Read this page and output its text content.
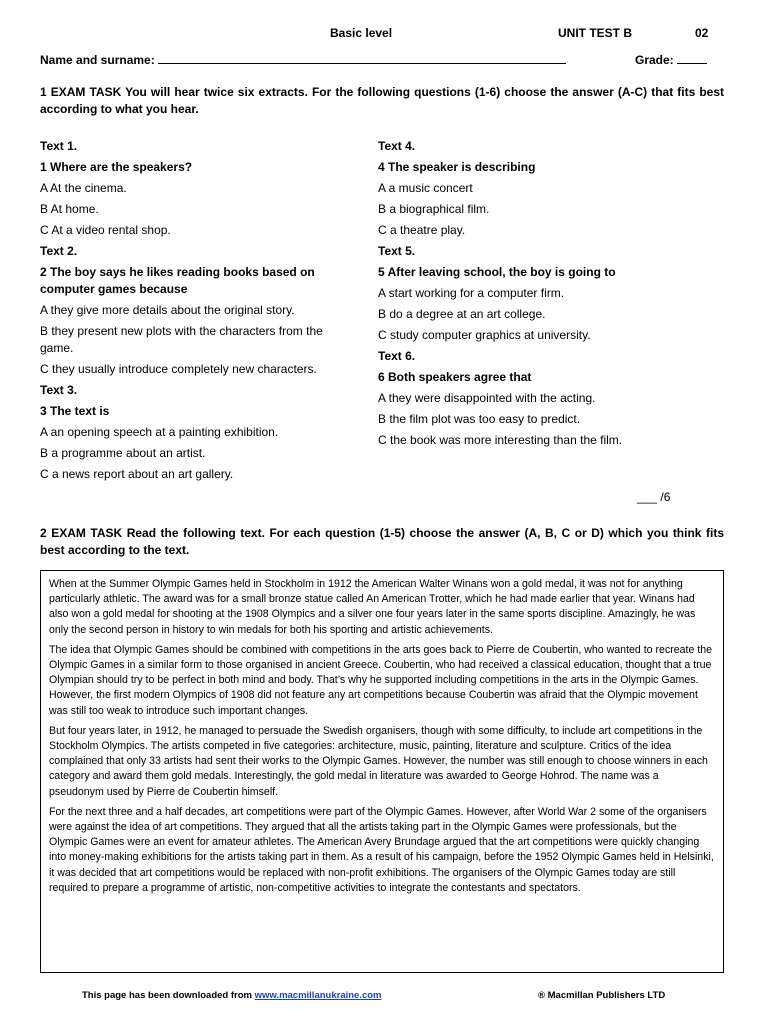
Basic level	UNIT TEST B	02
Name and surname:	Grade:
1 EXAM TASK You will hear twice six extracts. For the following questions (1-6) choose the answer (A-C) that fits best according to what you hear.
Text 1.
1 Where are the speakers?
A At the cinema.
B At home.
C At a video rental shop.
Text 2.
2 The boy says he likes reading books based on computer games because
A they give more details about the original story.
B they present new plots with the characters from the game.
C they usually introduce completely new characters.
Text 3.
3 The text is
A an opening speech at a painting exhibition.
B a programme about an artist.
C a news report about an art gallery.
Text 4.
4 The speaker is describing
A a music concert
B a biographical film.
C a theatre play.
Text 5.
5 After leaving school, the boy is going to
A start working for a computer firm.
B do a degree at an art college.
C study computer graphics at university.
Text 6.
6 Both speakers agree that
A they were disappointed with the acting.
B the film plot was too easy to predict.
C the book was more interesting than the film.
___ /6
2 EXAM TASK Read the following text. For each question (1-5) choose the answer (A, B, C or D) which you think fits best according to the text.

When at the Summer Olympic Games held in Stockholm in 1912 the American Walter Winans won a gold medal, it was not for anything particularly athletic. The award was for a small bronze statue called An American Trotter, which he had made earlier that year. Winans had also won a gold medal for shooting at the 1908 Olympics and a silver one four years later in the same sports discipline. Amazingly, he was only the second person in history to win medals for both his sporting and artistic achievements.

The idea that Olympic Games should be combined with competitions in the arts goes back to Pierre de Coubertin, who wanted to recreate the Olympic Games in a similar form to those organised in ancient Greece. Coubertin, who had received a classical education, thought that a true Olympian should try to be perfect in both mind and body. That’s why he supported including competitions in the arts in the Olympic Games. However, the first modern Olympics of 1908 did not feature any art competitions because Coubertin was afraid that the Olympic movement was still too weak to introduce such important changes.

But four years later, in 1912, he managed to persuade the Swedish organisers, though with some difficulty, to include art competitions in the Stockholm Olympics. The artists competed in five categories: architecture, music, painting, literature and sculpture. Critics of the idea complained that only 33 artists had sent their works to the Olympic Games. However, the number was still enough to choose winners in each category and award them gold medals. Interestingly, the gold medal in literature was awarded to George Hohrod. The name was a pseudonym used by Pierre de Coubertin himself.

For the next three and a half decades, art competitions were part of the Olympic Games. However, after World War 2 some of the organisers were against the idea of art competitions. They argued that all the artists taking part in the Olympic Games were professionals, but the Olympic Games were an event for amateur athletes. The American Avery Brundage argued that the art competitions were quickly changing into money-making exhibitions for the artists taking part in them. As a result of his campaign, before the 1952 Olympic Games held in Helsinki, it was decided that art competitions would be replaced with non-profit exhibitions. The organisers of the Olympic Games today are still required to prepare a programme of artistic, non-competitive activities to integrate the contestants and spectators.

This page has been downloaded from www.macmillanukraine.com	® Macmillan Publishers LTD
